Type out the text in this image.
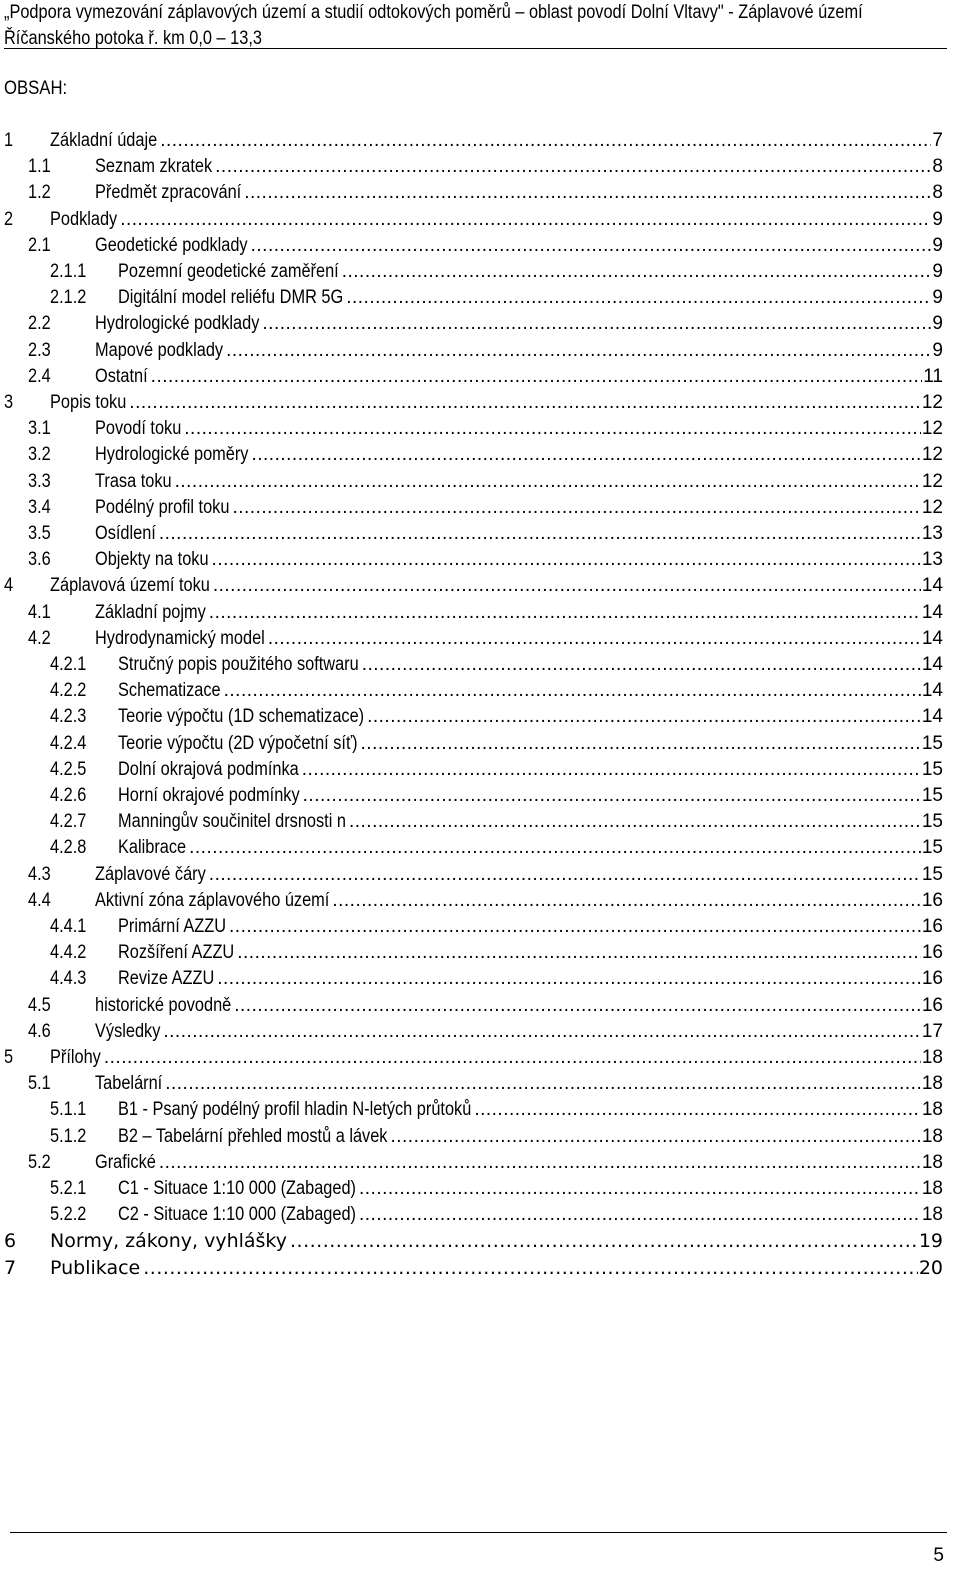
„Podpora vymezování záplavových území a studií odtokových poměrů – oblast povodí Dolní Vltavy" - Záplavové území Říčanského potoka ř. km 0,0 – 13,3
OBSAH:
1 Základní údaje .....	7
1.1 Seznam zkratek .....	8
1.2 Předmět zpracování .....	8
2 Podklady .....	9
2.1 Geodetické podklady .....	9
2.1.1 Pozemní geodetické zaměření .....	9
2.1.2 Digitální model reliéfu DMR 5G .....	9
2.2 Hydrologické podklady .....	9
2.3 Mapové podklady .....	9
2.4 Ostatní .....	11
3 Popis toku .....	12
3.1 Povodí toku .....	12
3.2 Hydrologické poměry .....	12
3.3 Trasa toku .....	12
3.4 Podélný profil toku .....	12
3.5 Osídlení .....	13
3.6 Objekty na toku .....	13
4 Záplavová území toku .....	14
4.1 Základní pojmy .....	14
4.2 Hydrodynamický model .....	14
4.2.1 Stručný popis použitého softwaru .....	14
4.2.2 Schematizace .....	14
4.2.3 Teorie výpočtu (1D schematizace) .....	14
4.2.4 Teorie výpočtu (2D výpočetní síť) .....	15
4.2.5 Dolní okrajová podmínka .....	15
4.2.6 Horní okrajové podmínky .....	15
4.2.7 Manningův součinitel drsnosti n .....	15
4.2.8 Kalibrace .....	15
4.3 Záplavové čáry .....	15
4.4 Aktivní zóna záplavového území .....	16
4.4.1 Primární AZZU .....	16
4.4.2 Rozšíření AZZU .....	16
4.4.3 Revize AZZU .....	16
4.5 historické povodně .....	16
4.6 Výsledky .....	17
5 Přílohy .....	18
5.1 Tabelární .....	18
5.1.1 B1 - Psaný podélný profil hladin N-letých průtoků .....	18
5.1.2 B2 – Tabelární přehled mostů a lávek .....	18
5.2 Grafické .....	18
5.2.1 C1 - Situace 1:10 000 (Zabaged) .....	18
5.2.2 C2 - Situace 1:10 000 (Zabaged) .....	18
6 Normy, zákony, vyhlášky .....	19
7 Publikace .....	20
5
